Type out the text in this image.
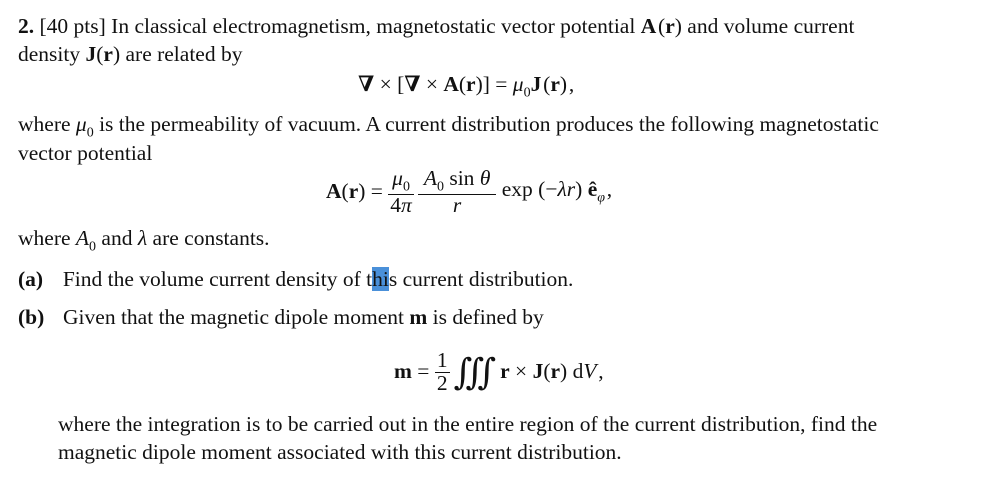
2. [40 pts] In classical electromagnetism, magnetostatic vector potential A (r) and volume current
density J(r) are related by
∇ × [∇ × $A(r)] = \mu_0J$ (r) ,
where $\mu_0$ is the permeability of vacuum. A current distribution produces the following magnetostatic
vector potential
$A(r) = \frac{\mu_0}{4\pi} \frac{A_0 \sin \theta}{r}$ exp (−λr) $ê_\varphi$ ,
where $A_0$ and λ are constants.
(a) Find the volume current density of this current distribution.
(b) Given that the magnetic dipole moment m is defined by
$m = \frac{1}{2}$ ∭ r × J(r) dV ,
where the integration is to be carried out in the entire region of the current distribution, find the
magnetic dipole moment associated with this current distribution.
